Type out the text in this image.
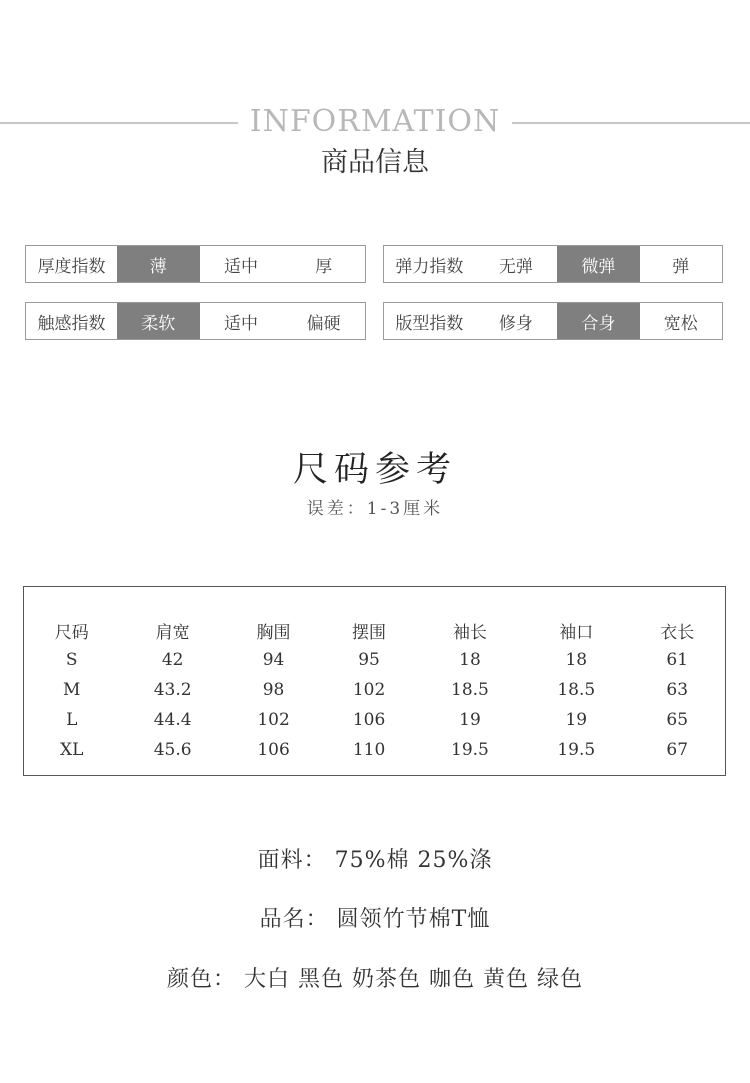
INFORMATION
商品信息
厚度指数	薄	适中	厚	弹力指数	无弹	微弹	弹
触感指数	柔软	适中	偏硬	版型指数	修身	合身	宽松
尺码参考
误差：1-3厘米
尺码	肩宽	胸围	摆围	袖长	袖口	衣长
S	42	94	95	18	18	61
M	43.2	98	102	18.5	18.5	63
L	44.4	102	106	19	19	65
XL	45.6	106	110	19.5	19.5	67
面料： 75%棉 25%涤
品名： 圆领竹节棉T恤
颜色： 大白 黑色 奶茶色 咖色 黄色 绿色
